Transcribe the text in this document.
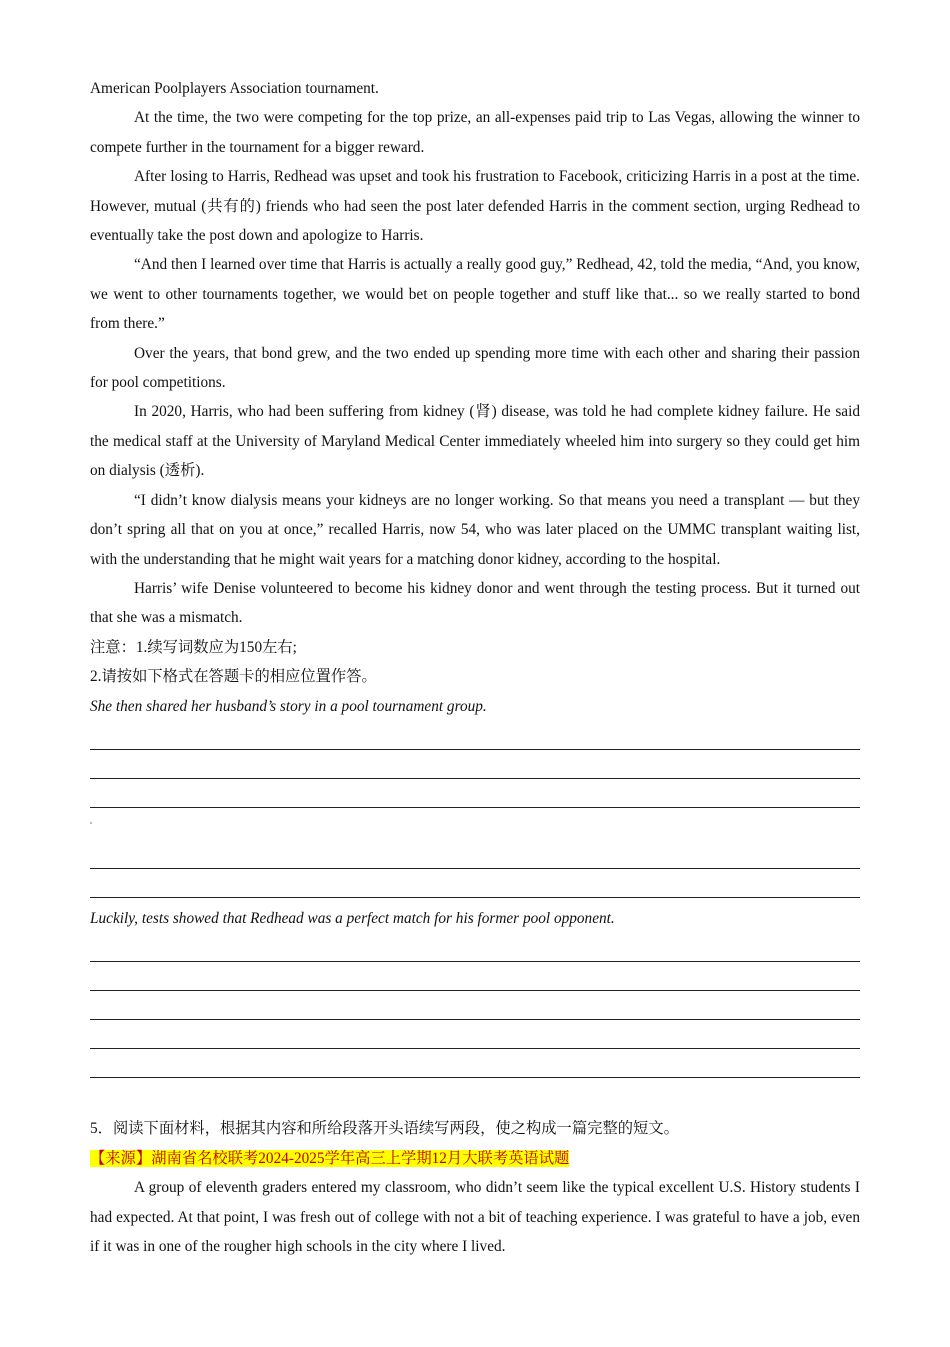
American Poolplayers Association tournament.

At the time, the two were competing for the top prize, an all-expenses paid trip to Las Vegas, allowing the winner to compete further in the tournament for a bigger reward.

After losing to Harris, Redhead was upset and took his frustration to Facebook, criticizing Harris in a post at the time. However, mutual (共有的) friends who had seen the post later defended Harris in the comment section, urging Redhead to eventually take the post down and apologize to Harris.

“And then I learned over time that Harris is actually a really good guy,” Redhead, 42, told the media, “And, you know, we went to other tournaments together, we would bet on people together and stuff like that... so we really started to bond from there.”

Over the years, that bond grew, and the two ended up spending more time with each other and sharing their passion for pool competitions.

In 2020, Harris, who had been suffering from kidney (肾) disease, was told he had complete kidney failure. He said the medical staff at the University of Maryland Medical Center immediately wheeled him into surgery so they could get him on dialysis (透析).

“I didn’t know dialysis means your kidneys are no longer working. So that means you need a transplant — but they don’t spring all that on you at once,” recalled Harris, now 54, who was later placed on the UMMC transplant waiting list, with the understanding that he might wait years for a matching donor kidney, according to the hospital.

Harris’ wife Denise volunteered to become his kidney donor and went through the testing process. But it turned out that she was a mismatch.

注意：1.续写词数应为150左右;

2.请按如下格式在答题卡的相应位置作答。

She then shared her husband’s story in a pool tournament group.

Luckily, tests showed that Redhead was a perfect match for his former pool opponent.

5．阅读下面材料，根据其内容和所给段落开头语续写两段，使之构成一篇完整的短文。

【来源】湖南省名校联考2024-2025学年高三上学期12月大联考英语试题

A group of eleventh graders entered my classroom, who didn’t seem like the typical excellent U.S. History students I had expected. At that point, I was fresh out of college with not a bit of teaching experience. I was grateful to have a job, even if it was in one of the rougher high schools in the city where I lived.
